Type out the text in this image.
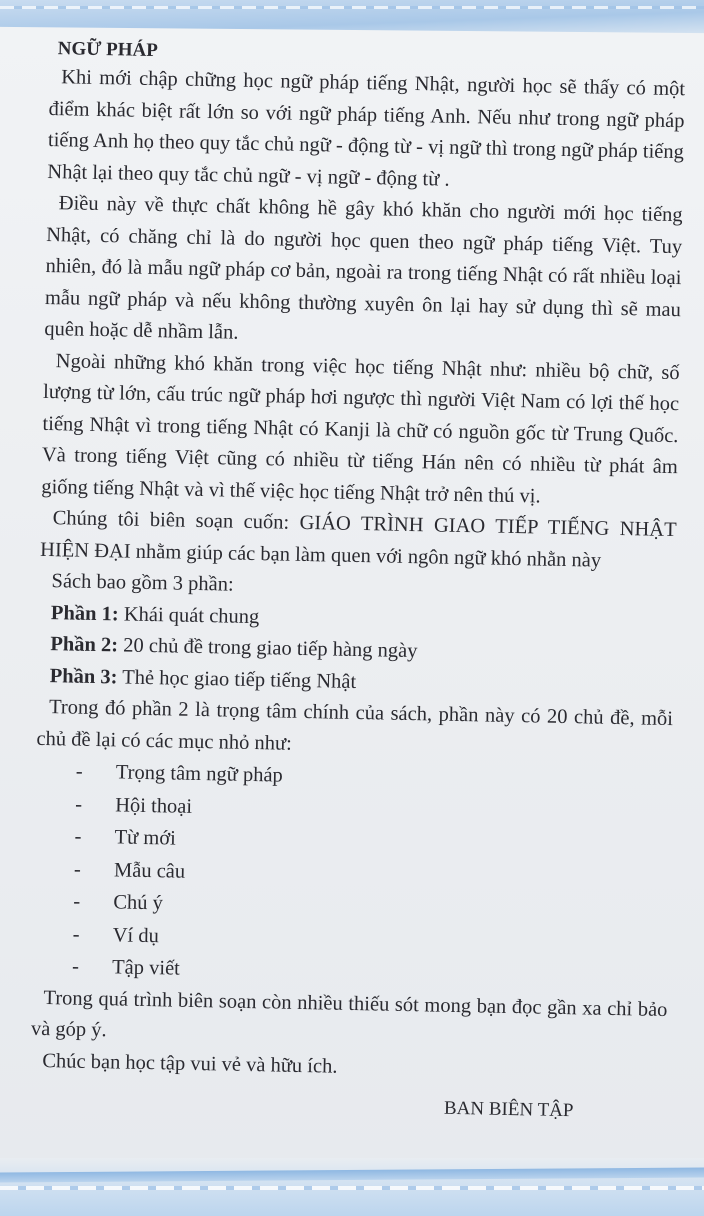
NGỮ PHÁP

Khi mới chập chững học ngữ pháp tiếng Nhật, người học sẽ thấy có một điểm khác biệt rất lớn so với ngữ pháp tiếng Anh. Nếu như trong ngữ pháp tiếng Anh họ theo quy tắc chủ ngữ - động từ - vị ngữ thì trong ngữ pháp tiếng Nhật lại theo quy tắc chủ ngữ - vị ngữ - động từ .

Điều này về thực chất không hề gây khó khăn cho người mới học tiếng Nhật, có chăng chỉ là do người học quen theo ngữ pháp tiếng Việt. Tuy nhiên, đó là mẫu ngữ pháp cơ bản, ngoài ra trong tiếng Nhật có rất nhiều loại mẫu ngữ pháp và nếu không thường xuyên ôn lại hay sử dụng thì sẽ mau quên hoặc dễ nhầm lẫn.

Ngoài những khó khăn trong việc học tiếng Nhật như: nhiều bộ chữ, số lượng từ lớn, cấu trúc ngữ pháp hơi ngược thì người Việt Nam có lợi thế học tiếng Nhật vì trong tiếng Nhật có Kanji là chữ có nguồn gốc từ Trung Quốc. Và trong tiếng Việt cũng có nhiều từ tiếng Hán nên có nhiều từ phát âm giống tiếng Nhật và vì thế việc học tiếng Nhật trở nên thú vị.

Chúng tôi biên soạn cuốn: GIÁO TRÌNH GIAO TIẾP TIẾNG NHẬT HIỆN ĐẠI nhằm giúp các bạn làm quen với ngôn ngữ khó nhằn này

Sách bao gồm 3 phần:

Phần 1: Khái quát chung

Phần 2: 20 chủ đề trong giao tiếp hàng ngày

Phần 3: Thẻ học giao tiếp tiếng Nhật

Trong đó phần 2 là trọng tâm chính của sách, phần này có 20 chủ đề, mỗi chủ đề lại có các mục nhỏ như:

-	Trọng tâm ngữ pháp
-	Hội thoại
-	Từ mới
-	Mẫu câu
-	Chú ý
-	Ví dụ
-	Tập viết

Trong quá trình biên soạn còn nhiều thiếu sót mong bạn đọc gần xa chỉ bảo và góp ý.

Chúc bạn học tập vui vẻ và hữu ích.

BAN BIÊN TẬP
